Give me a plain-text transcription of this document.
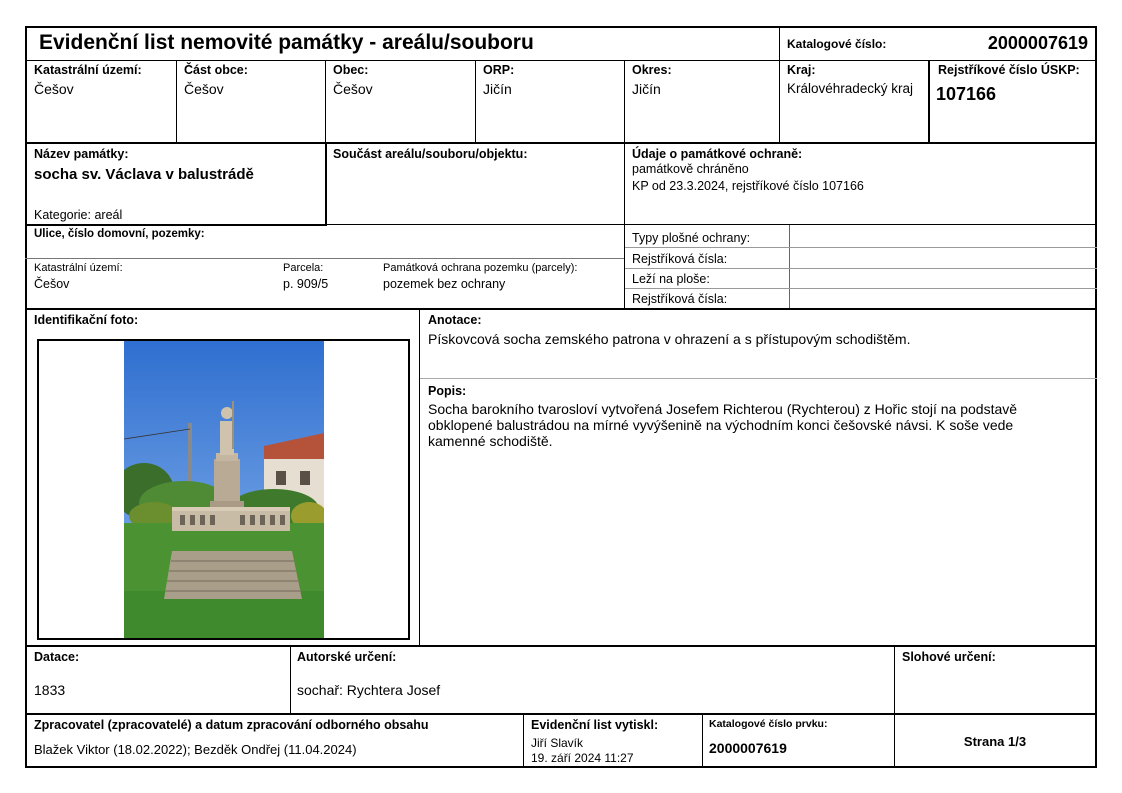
Evidenční list nemovité památky - areálu/souboru	Katalogové číslo:	2000007619
Katastrální území:
Češov
Část obce:
Češov
Obec:
Češov
ORP:
Jičín
Okres:
Jičín
Kraj:
Královéhradecký kraj
Rejstříkové číslo ÚSKP:
107166
Název památky:
socha sv. Václava v balustrádě
Kategorie: areál
Součást areálu/souboru/objektu:	Údaje o památkové ochraně:
památkově chráněno
KP od 23.3.2024, rejstříkové číslo 107166
Ulice, číslo domovní, pozemky:
Katastrální území:
Češov
Parcela:
p. 909/5
Památková ochrana pozemku (parcely):
pozemek bez ochrany
Typy plošné ochrany:
Rejstříková čísla:
Leží na ploše:
Rejstříková čísla:
Identifikační foto:	Anotace:
Pískovcová socha zemského patrona v ohrazení a s přístupovým schodištěm.
Popis:
Socha barokního tvarosloví vytvořená Josefem Richterou (Rychterou) z Hořic stojí na podstavě obklopené balustrádou na mírné vyvýšenině na východním konci češovské návsi. K soše vede kamenné schodiště.
Datace:
1833
Autorské určení:
sochař: Rychtera Josef
Slohové určení:
Zpracovatel (zpracovatelé) a datum zpracování odborného obsahu
Blažek Viktor (18.02.2022); Bezděk Ondřej (11.04.2024)
Evidenční list vytiskl:
Jiří Slavík
19. září 2024 11:27
Katalogové číslo prvku:
2000007619	Strana 1/3
